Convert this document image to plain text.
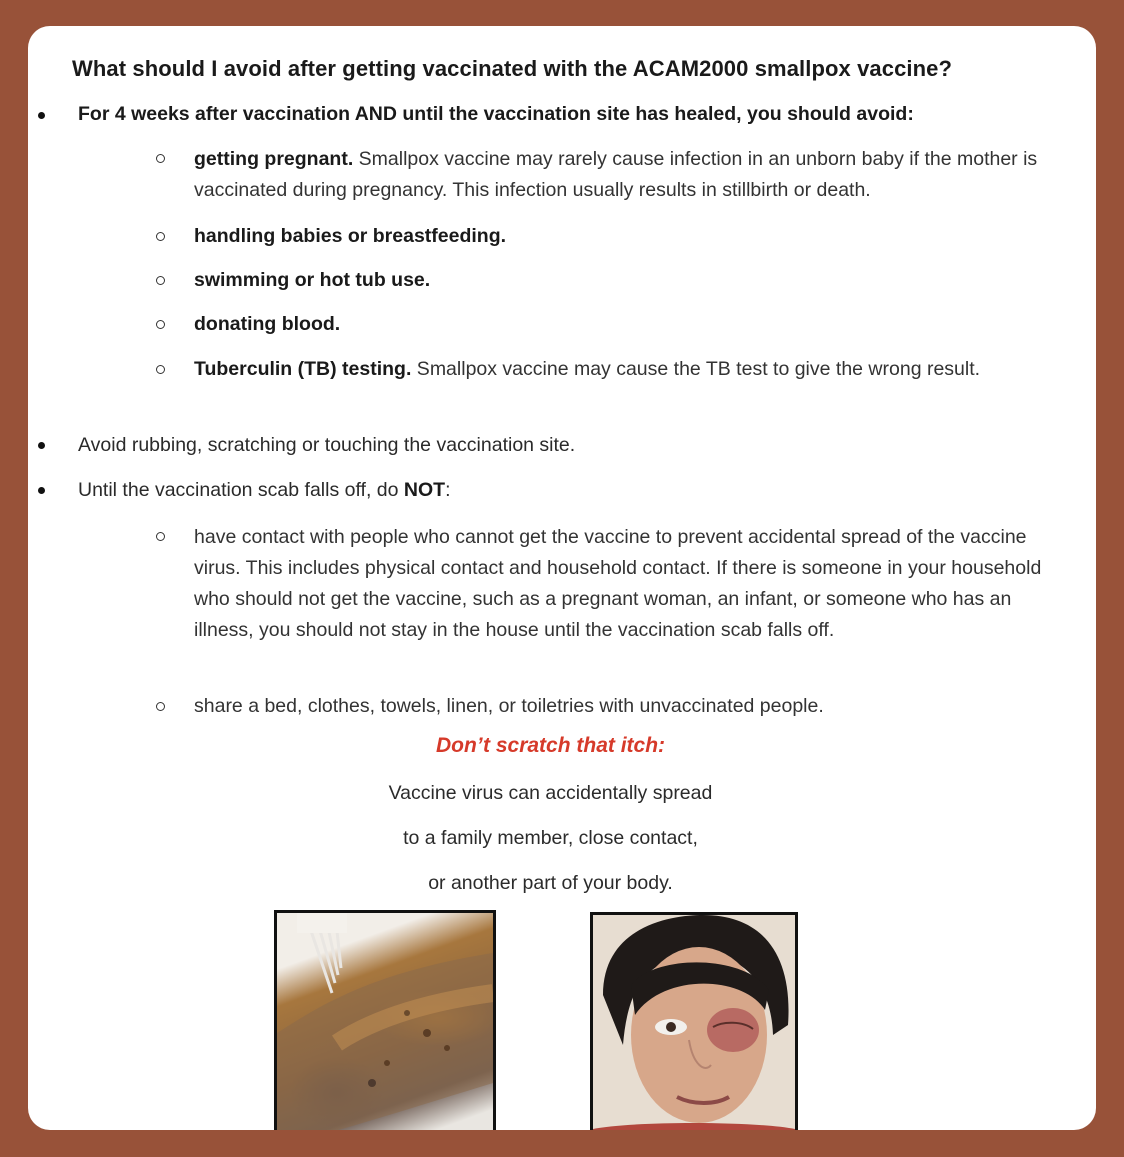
What should I avoid after getting vaccinated with the ACAM2000 smallpox vaccine?
For 4 weeks after vaccination AND until the vaccination site has healed, you should avoid:
getting pregnant. Smallpox vaccine may rarely cause infection in an unborn baby if the mother is vaccinated during pregnancy. This infection usually results in stillbirth or death.
handling babies or breastfeeding.
swimming or hot tub use.
donating blood.
Tuberculin (TB) testing. Smallpox vaccine may cause the TB test to give the wrong result.
Avoid rubbing, scratching or touching the vaccination site.
Until the vaccination scab falls off, do NOT:
have contact with people who cannot get the vaccine to prevent accidental spread of the vaccine virus. This includes physical contact and household contact. If there is someone in your household who should not get the vaccine, such as a pregnant woman, an infant, or someone who has an illness, you should not stay in the house until the vaccination scab falls off.
share a bed, clothes, towels, linen, or toiletries with unvaccinated people.
Don’t scratch that itch:
Vaccine virus can accidentally spread
to a family member, close contact,
or another part of your body.
